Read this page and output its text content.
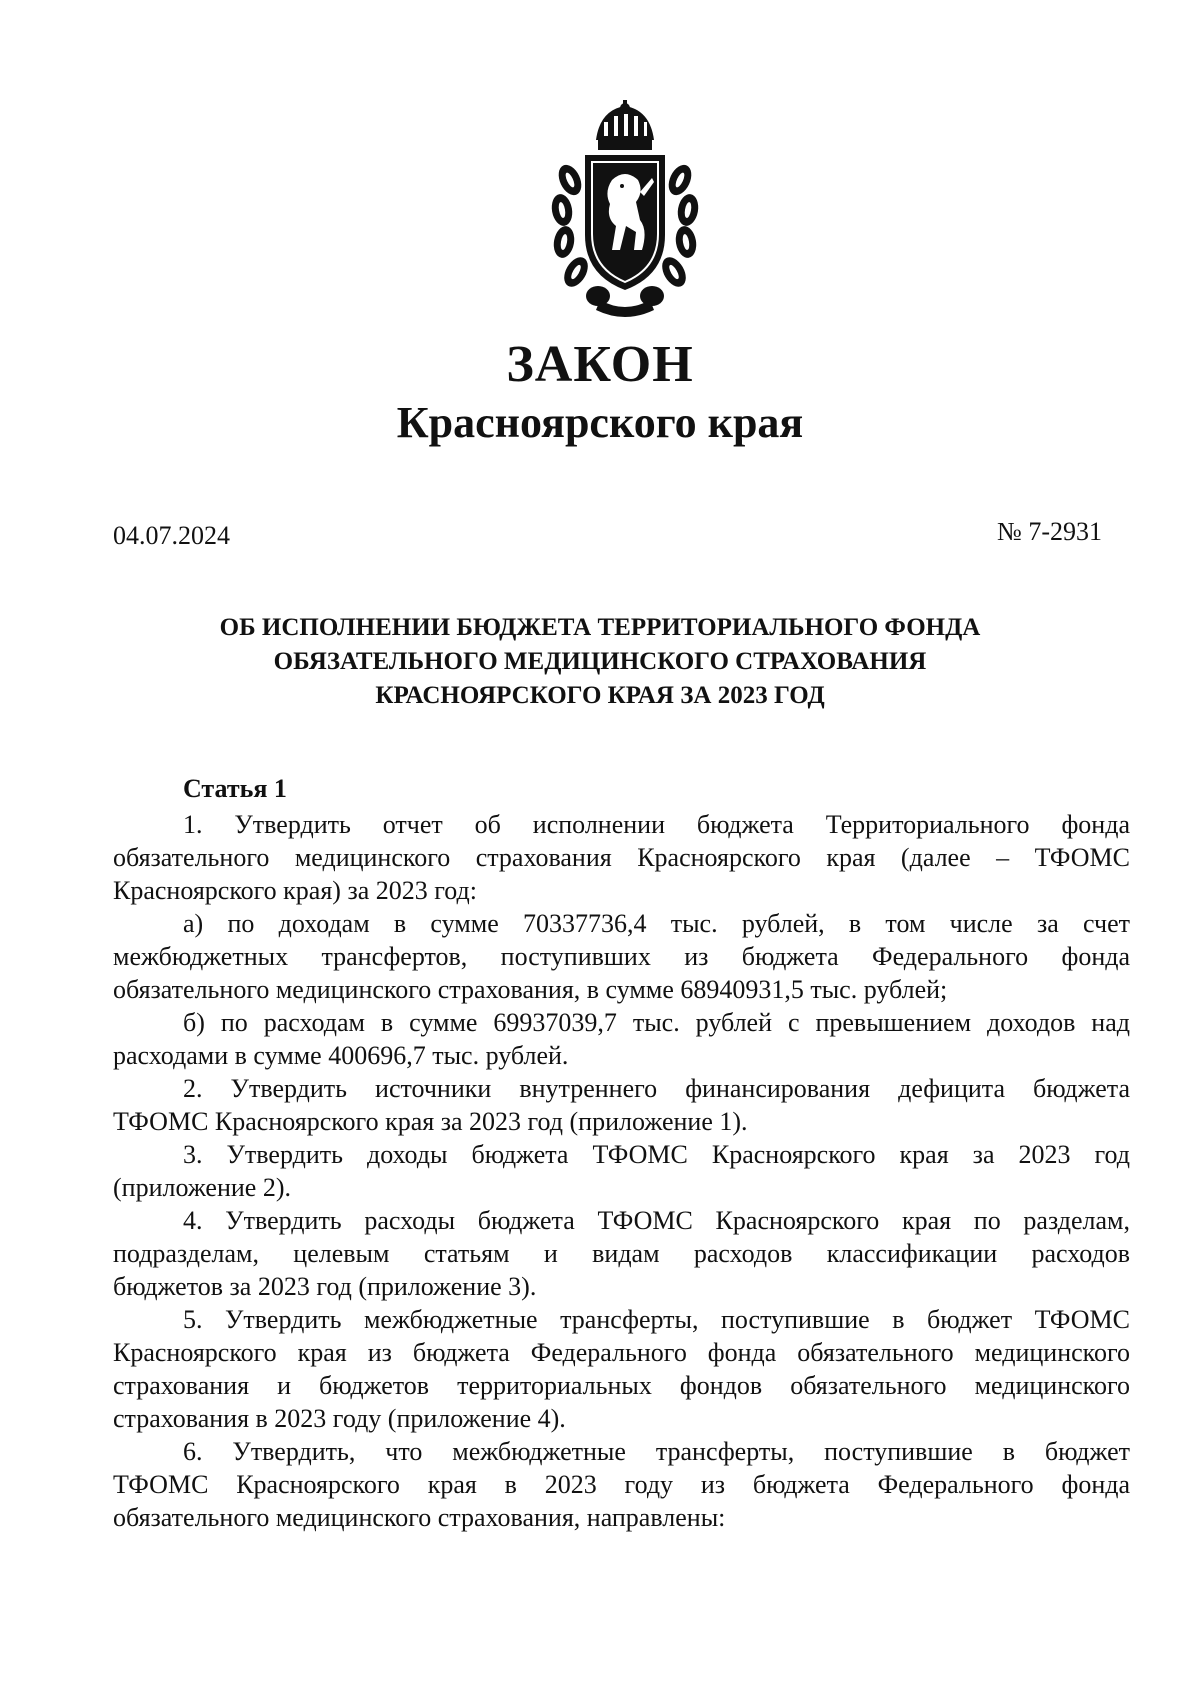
ЗАКОН
Красноярского края
04.07.2024	№ 7-2931
ОБ ИСПОЛНЕНИИ БЮДЖЕТА ТЕРРИТОРИАЛЬНОГО ФОНДА
ОБЯЗАТЕЛЬНОГО МЕДИЦИНСКОГО СТРАХОВАНИЯ
КРАСНОЯРСКОГО КРАЯ ЗА 2023 ГОД
Статья 1
1. Утвердить отчет об исполнении бюджета Территориального фонда
обязательного медицинского страхования Красноярского края (далее – ТФОМС
Красноярского края) за 2023 год:
а) по доходам в сумме 70337736,4 тыс. рублей, в том числе за счет
межбюджетных трансфертов, поступивших из бюджета Федерального фонда
обязательного медицинского страхования, в сумме 68940931,5 тыс. рублей;
б) по расходам в сумме 69937039,7 тыс. рублей с превышением доходов над
расходами в сумме 400696,7 тыс. рублей.
2. Утвердить источники внутреннего финансирования дефицита бюджета
ТФОМС Красноярского края за 2023 год (приложение 1).
3. Утвердить доходы бюджета ТФОМС Красноярского края за 2023 год
(приложение 2).
4. Утвердить расходы бюджета ТФОМС Красноярского края по разделам,
подразделам, целевым статьям и видам расходов классификации расходов
бюджетов за 2023 год (приложение 3).
5. Утвердить межбюджетные трансферты, поступившие в бюджет ТФОМС
Красноярского края из бюджета Федерального фонда обязательного медицинского
страхования и бюджетов территориальных фондов обязательного медицинского
страхования в 2023 году (приложение 4).
6. Утвердить, что межбюджетные трансферты, поступившие в бюджет
ТФОМС Красноярского края в 2023 году из бюджета Федерального фонда
обязательного медицинского страхования, направлены:
